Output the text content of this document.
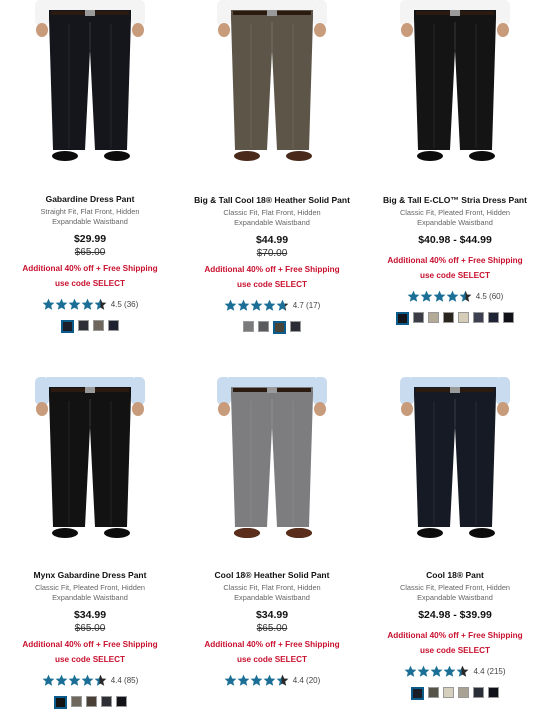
Gabardine Dress Pant
Straight Fit, Flat Front, Hidden Expandable Waistband
$29.99
$65.00
Additional 40% off + Free Shipping
use code SELECT
4.5 (36)
Big & Tall Cool 18® Heather Solid Pant
Classic Fit, Flat Front, Hidden Expandable Waistband
$44.99
$70.00
Additional 40% off + Free Shipping
use code SELECT
4.7 (17)
Big & Tall E-CLO™ Stria Dress Pant
Classic Fit, Pleated Front, Hidden Expandable Waistband
$40.98 - $44.99
Additional 40% off + Free Shipping
use code SELECT
4.5 (60)
Mynx Gabardine Dress Pant
Classic Fit, Pleated Front, Hidden Expandable Waistband
$34.99
$65.00
Additional 40% off + Free Shipping
use code SELECT
4.4 (85)
Cool 18® Heather Solid Pant
Classic Fit, Flat Front, Hidden Expandable Waistband
$34.99
$65.00
Additional 40% off + Free Shipping
use code SELECT
4.4 (20)
Cool 18® Pant
Classic Fit, Pleated Front, Hidden Expandable Waistband
$24.98 - $39.99
Additional 40% off + Free Shipping
use code SELECT
4.4 (215)
